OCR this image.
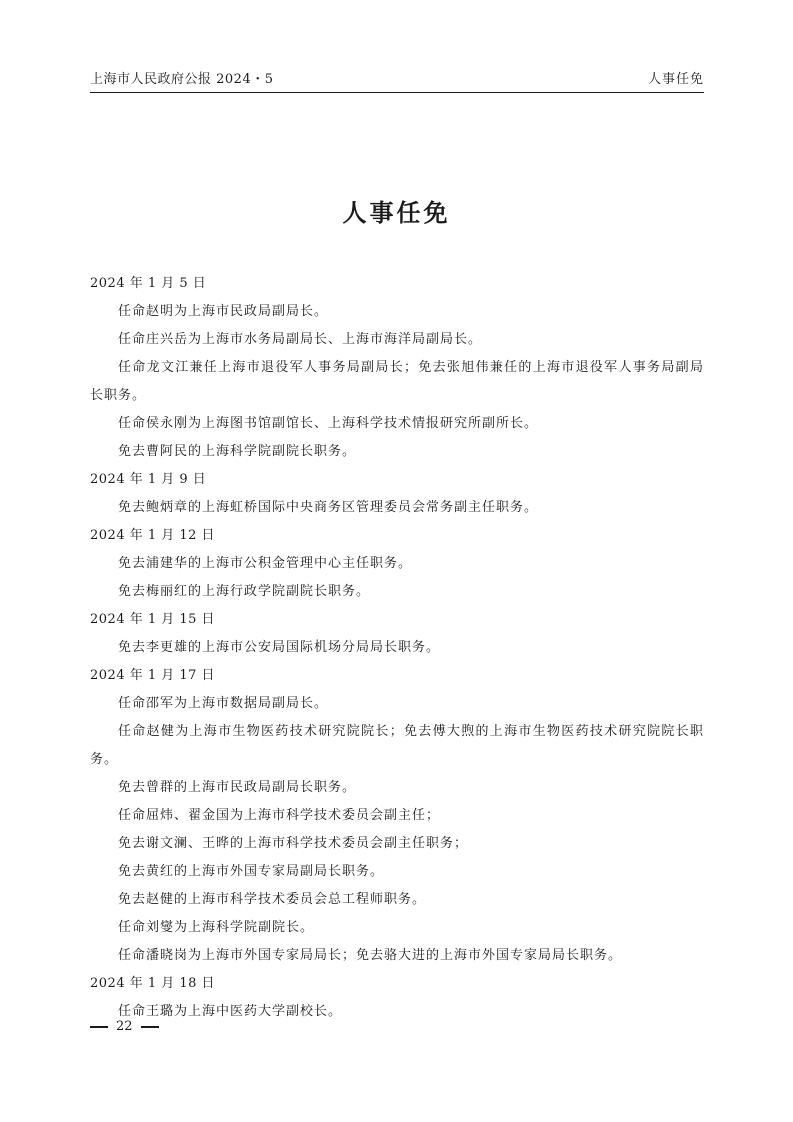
上海市人民政府公报 2024・5	人事任免
人事任免

2024 年 1 月 5 日

任命赵明为上海市民政局副局长。

任命庄兴岳为上海市水务局副局长、上海市海洋局副局长。

任命龙文江兼任上海市退役军人事务局副局长；免去张旭伟兼任的上海市退役军人事务局副局长职务。

任命侯永刚为上海图书馆副馆长、上海科学技术情报研究所副所长。

免去曹阿民的上海科学院副院长职务。

2024 年 1 月 9 日

免去鲍炳章的上海虹桥国际中央商务区管理委员会常务副主任职务。

2024 年 1 月 12 日

免去浦建华的上海市公积金管理中心主任职务。

免去梅丽红的上海行政学院副院长职务。

2024 年 1 月 15 日

免去李更雄的上海市公安局国际机场分局局长职务。

2024 年 1 月 17 日

任命邵军为上海市数据局副局长。

任命赵健为上海市生物医药技术研究院院长；免去傅大煦的上海市生物医药技术研究院院长职务。

免去曾群的上海市民政局副局长职务。

任命屈炜、翟金国为上海市科学技术委员会副主任；

免去谢文澜、王晔的上海市科学技术委员会副主任职务；

免去黄红的上海市外国专家局副局长职务。

免去赵健的上海市科学技术委员会总工程师职务。

任命刘燮为上海科学院副院长。

任命潘晓岗为上海市外国专家局局长；免去骆大进的上海市外国专家局局长职务。

2024 年 1 月 18 日

任命王璐为上海中医药大学副校长。

22
